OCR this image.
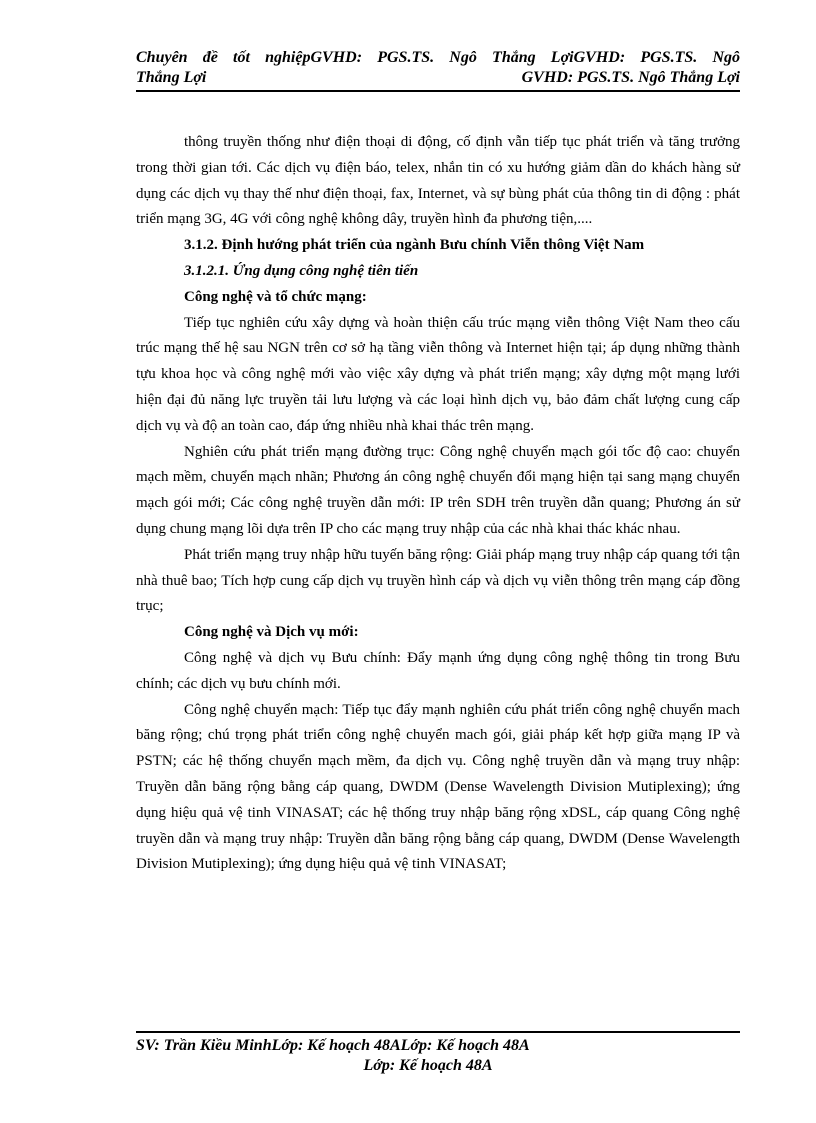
Chuyên đề tốt nghiệpGVHD: PGS.TS. Ngô Thắng LợiGVHD: PGS.TS. Ngô
Thắng Lợi	GVHD: PGS.TS. Ngô Thắng Lợi

thông truyền thống như điện thoại di động, cố định vẫn tiếp tục phát triển và tăng trưởng trong thời gian tới. Các dịch vụ điện báo, telex, nhắn tin có xu hướng giảm dần do khách hàng sử dụng các dịch vụ thay thế như điện thoại, fax, Internet, và sự bùng phát của thông tin di động : phát triển mạng 3G, 4G với công nghệ không dây, truyền hình đa phương tiện,....

3.1.2. Định hướng phát triển của ngành Bưu chính Viễn thông Việt Nam

3.1.2.1. Ứng dụng công nghệ tiên tiến

Công nghệ và tổ chức mạng:

Tiếp tục nghiên cứu xây dựng và hoàn thiện cấu trúc mạng viễn thông Việt Nam theo cấu trúc mạng thế hệ sau NGN trên cơ sở hạ tầng viễn thông và Internet hiện tại; áp dụng những thành tựu khoa học và công nghệ mới vào việc xây dựng và phát triển mạng; xây dựng một mạng lưới hiện đại đủ năng lực truyền tải lưu lượng và các loại hình dịch vụ, bảo đảm chất lượng cung cấp dịch vụ và độ an toàn cao, đáp ứng nhiều nhà khai thác trên mạng.

Nghiên cứu phát triển mạng đường trục: Công nghệ chuyển mạch gói tốc độ cao: chuyển mạch mềm, chuyển mạch nhãn; Phương án công nghệ chuyển đổi mạng hiện tại sang mạng chuyển mạch gói mới; Các công nghệ truyền dẫn mới: IP trên SDH trên truyền dẫn quang; Phương án sử dụng chung mạng lõi dựa trên IP cho các mạng truy nhập của các nhà khai thác khác nhau.

Phát triển mạng truy nhập hữu tuyến băng rộng: Giải pháp mạng truy nhập cáp quang tới tận nhà thuê bao; Tích hợp cung cấp dịch vụ truyền hình cáp và dịch vụ viễn thông trên mạng cáp đồng trục;

Công nghệ và Dịch vụ mới:

Công nghệ và dịch vụ Bưu chính: Đẩy mạnh ứng dụng công nghệ thông tin trong Bưu chính; các dịch vụ bưu chính mới.

Công nghệ chuyển mạch: Tiếp tục đẩy mạnh nghiên cứu phát triển công nghệ chuyển mach băng rộng; chú trọng phát triển công nghệ chuyển mach gói, giải pháp kết hợp giữa mạng IP và PSTN; các hệ thống chuyển mạch mềm, đa dịch vụ. Công nghệ truyền dẫn và mạng truy nhập: Truyền dẫn băng rộng bằng cáp quang, DWDM (Dense Wavelength Division Mutiplexing); ứng dụng hiệu quả vệ tinh VINASAT; các hệ thống truy nhập băng rộng xDSL, cáp quang Công nghệ truyền dẫn và mạng truy nhập: Truyền dẫn băng rộng bằng cáp quang, DWDM (Dense Wavelength Division Mutiplexing); ứng dụng hiệu quả vệ tinh VINASAT;

SV: Trần Kiều MinhLớp: Kế hoạch 48ALớp: Kế hoạch 48A
Lớp: Kế hoạch 48A
